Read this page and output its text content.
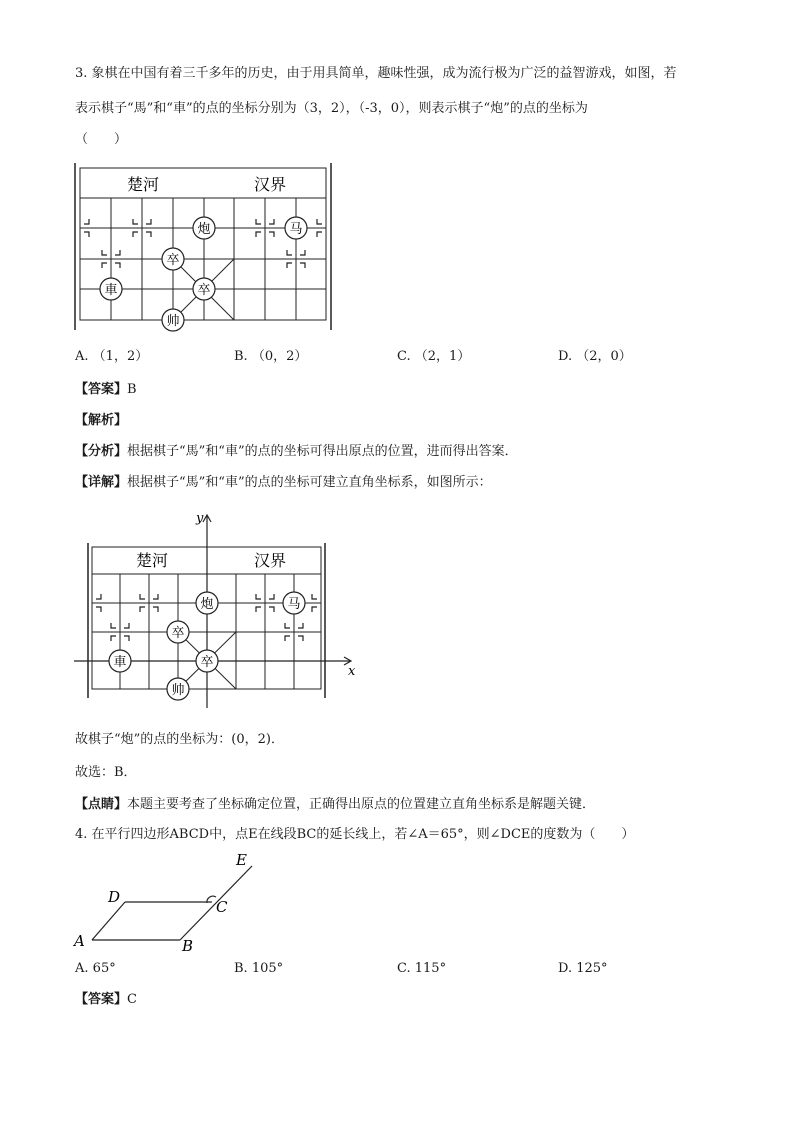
3. 象棋在中国有着三千多年的历史，由于用具简单，趣味性强，成为流行极为广泛的益智游戏，如图，若
表示棋子“馬”和“車”的点的坐标分别为（3，2），（-3，0），则表示棋子“炮”的点的坐标为
（　　）
楚河	汉界
炮	马
卒
卒
車
帅
A. （1，2）	B. （0，2）	C. （2，1）	D. （2，0）
【答案】B
【解析】
【分析】根据棋子“馬”和“車”的点的坐标可得出原点的位置，进而得出答案．
【详解】根据棋子“馬”和“車”的点的坐标可建立直角坐标系，如图所示：
x
y
楚河	汉界
炮	马
卒
卒
車
帅
故棋子“炮”的点的坐标为：(0，2)．
故选：B．
【点睛】本题主要考查了坐标确定位置，正确得出原点的位置建立直角坐标系是解题关键．
4. 在平行四边形ABCD中，点E在线段BC的延长线上，若∠A＝65°，则∠DCE的度数为（　　）
A	B
C
D
E
A. 65°	B. 105°	C. 115°	D. 125°
【答案】C
